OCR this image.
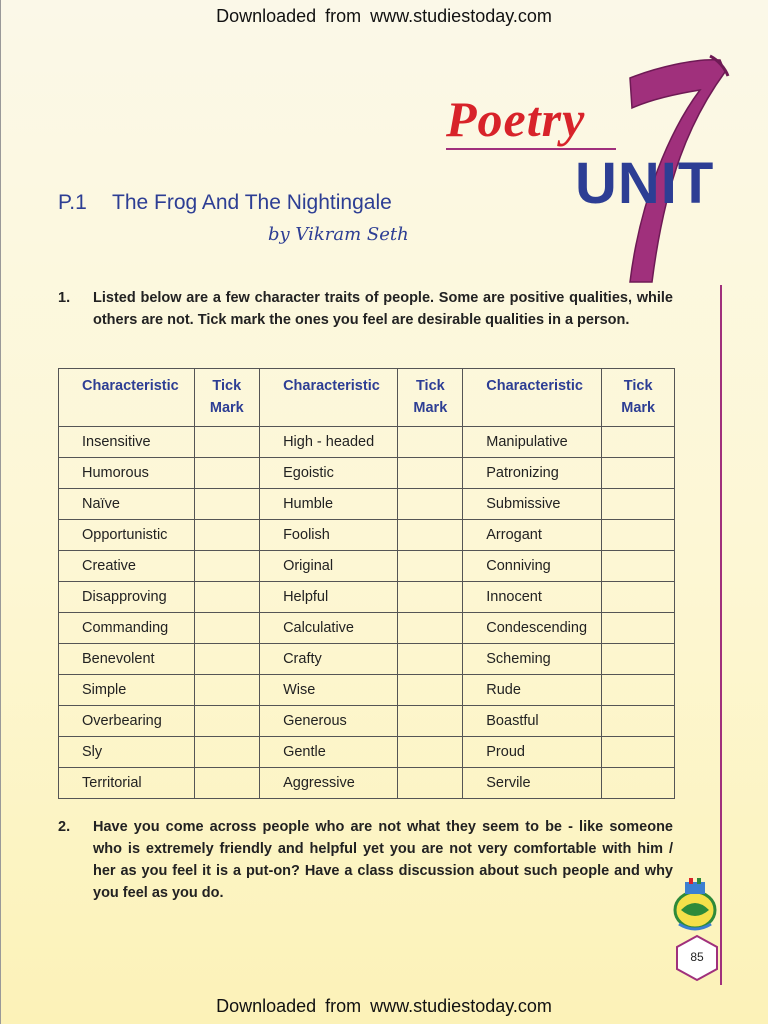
Downloaded from www.studiestoday.com
Poetry
UNIT
P.1 The Frog And The Nightingale
by Vikram Seth
1. Listed below are a few character traits of people. Some are positive qualities, while others are not. Tick mark the ones you feel are desirable qualities in a person.
Characteristic	Tick Mark	Characteristic	Tick Mark	Characteristic	Tick Mark
Insensitive		High - headed		Manipulative	
Humorous		Egoistic		Patronizing	
Naïve		Humble		Submissive	
Opportunistic		Foolish		Arrogant	
Creative		Original		Conniving	
Disapproving		Helpful		Innocent	
Commanding		Calculative		Condescending	
Benevolent		Crafty		Scheming	
Simple		Wise		Rude	
Overbearing		Generous		Boastful	
Sly		Gentle		Proud	
Territorial		Aggressive		Servile	
2. Have you come across people who are not what they seem to be - like someone who is extremely friendly and helpful yet you are not very comfortable with him / her as you feel it is a put-on? Have a class discussion about such people and why you feel as you do.
85
Downloaded from www.studiestoday.com
